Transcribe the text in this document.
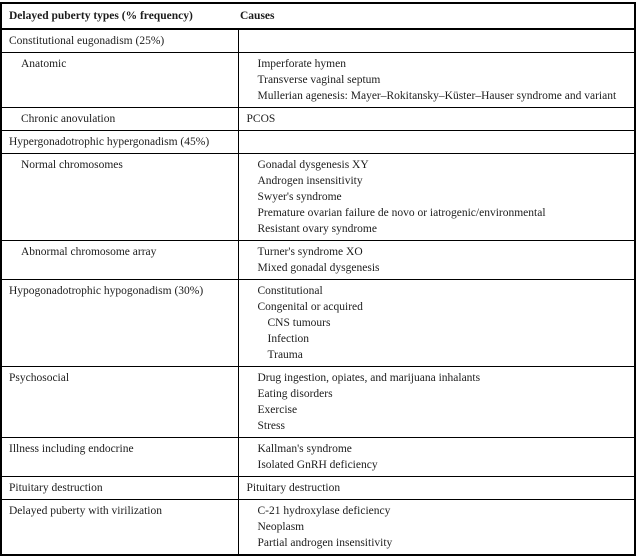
Delayed puberty types (% frequency)	Causes
Constitutional eugonadism (25%)	
Anatomic	Imperforate hymen
Transverse vaginal septum
Mullerian agenesis: Mayer–Rokitansky–Küster–Hauser syndrome and variant

Chronic anovulation	PCOS

Hypergonadotrophic hypergonadism (45%)	
Normal chromosomes	Gonadal dysgenesis XY
Androgen insensitivity
Swyer's syndrome
Premature ovarian failure de novo or iatrogenic/environmental
Resistant ovary syndrome

Abnormal chromosome array	Turner's syndrome XO
Mixed gonadal dysgenesis

Hypogonadotrophic hypogonadism (30%)	Constitutional
Congenital or acquired
CNS tumours
Infection
Trauma

Psychosocial	Drug ingestion, opiates, and marijuana inhalants
Eating disorders
Exercise
Stress

Illness including endocrine	Kallman's syndrome
Isolated GnRH deficiency

Pituitary destruction	Pituitary destruction

Delayed puberty with virilization	C-21 hydroxylase deficiency
Neoplasm
Partial androgen insensitivity
